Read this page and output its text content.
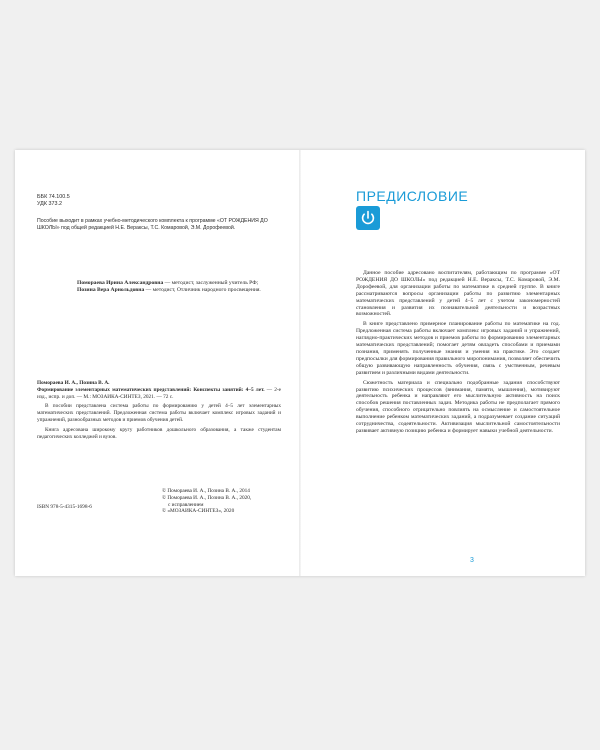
ББК 74.100.5
УДК 373.2
Пособие выходит в рамках учебно-методического комплекта к программе «ОТ РОЖДЕНИЯ ДО ШКОЛЫ» под общей редакцией Н.Е. Вераксы, Т.С. Комаровой, Э.М. Дорофеевой.

Помораева Ирина Александровна — методист, заслуженный учитель РФ;

Позина Вера Арнольдовна — методист, Отличник народного просвещения.

Помораева И. А., Позина В. А.

Формирование элементарных математических представлений: Конспекты занятий: 4–5 лет. — 2-е изд., испр. и доп. — М.: МОЗАИКА-СИНТЕЗ, 2021. — 72 с.

В пособии представлена система работы по формированию у детей 4–5 лет элементарных математических представлений. Предложенная система работы включает комплекс игровых заданий и упражнений, разнообразных методов и приемов обучения детей.

Книга адресована широкому кругу работников дошкольного образования, а также студентам педагогических колледжей и вузов.

© Помораева И. А., Позина В. А., 2014
© Помораева И. А., Позина В. А., 2020,
с исправлением
© «МОЗАИКА-СИНТЕЗ», 2020
ISBN 978-5-4315-1698-6
ПРЕДИСЛОВИЕ

Данное пособие адресовано воспитателям, работающим по программе «ОТ РОЖДЕНИЯ ДО ШКОЛЫ» под редакцией Н.Е. Вераксы, Т.С. Комаровой, Э.М. Дорофеевой, для организации работы по математике в средней группе. В книге рассматриваются вопросы организации работы по развитию элементарных математических представлений у детей 4–5 лет с учетом закономерностей становления и развития их познавательной деятельности и возрастных возможностей.

В книге представлено примерное планирование работы по математике на год. Предложенная система работы включает комплекс игровых заданий и упражнений, наглядно-практических методов и приемов работы по формированию элементарных математических представлений; помогает детям овладеть способами и приемами познания, применять полученные знания и умения на практике. Это создает предпосылки для формирования правильного миропонимания, позволяет обеспечить общую развивающую направленность обучения, связь с умственным, речевым развитием и различными видами деятельности.

Сюжетность материала и специально подобранные задания способствуют развитию психических процессов (внимания, памяти, мышления), мотивируют деятельность ребенка и направляют его мыслительную активность на поиск способов решения поставленных задач. Методика работы не предполагает прямого обучения, способного отрицательно повлиять на осмысление и самостоятельное выполнение ребенком математических заданий, а подразумевает создание ситуаций сотрудничества, содеятельности. Активизация мыслительной самостоятельности развивает активную позицию ребенка и формирует навыки учебной деятельности.

3
